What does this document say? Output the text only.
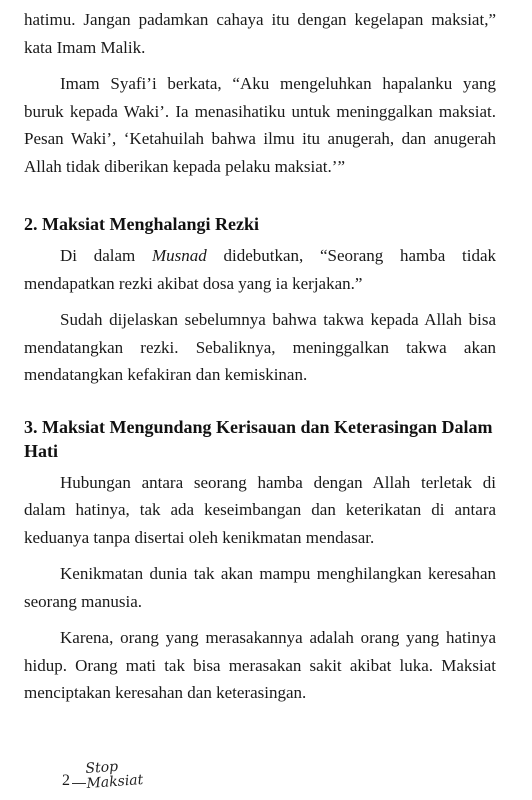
hatimu. Jangan padamkan cahaya itu dengan kegelapan maksiat,” kata Imam Malik.

Imam Syafi’i berkata, “Aku mengeluhkan hapalanku yang buruk kepada Waki’. Ia menasihatiku untuk meninggalkan maksiat. Pesan Waki’, ‘Ketahuilah bahwa ilmu itu anugerah, dan anugerah Allah tidak diberikan kepada pelaku maksiat.’”

2. Maksiat Menghalangi Rezki

Di dalam Musnad didebutkan, “Seorang hamba tidak mendapatkan rezki akibat dosa yang ia kerjakan.”

Sudah dijelaskan sebelumnya bahwa takwa kepada Allah bisa mendatangkan rezki. Sebaliknya, meninggalkan takwa akan mendatangkan kefakiran dan kemiskinan.

3. Maksiat Mengundang Kerisauan dan Keterasingan Dalam Hati

Hubungan antara seorang hamba dengan Allah terletak di dalam hatinya, tak ada keseimbangan dan keterikatan di antara keduanya tanpa disertai oleh kenikmatan mendasar.

Kenikmatan dunia tak akan mampu menghilangkan keresahan seorang manusia.

Karena, orang yang merasakannya adalah orang yang hatinya hidup. Orang mati tak bisa merasakan sakit akibat luka. Maksiat menciptakan keresahan dan keterasingan.

2
Stop
Maksiat
